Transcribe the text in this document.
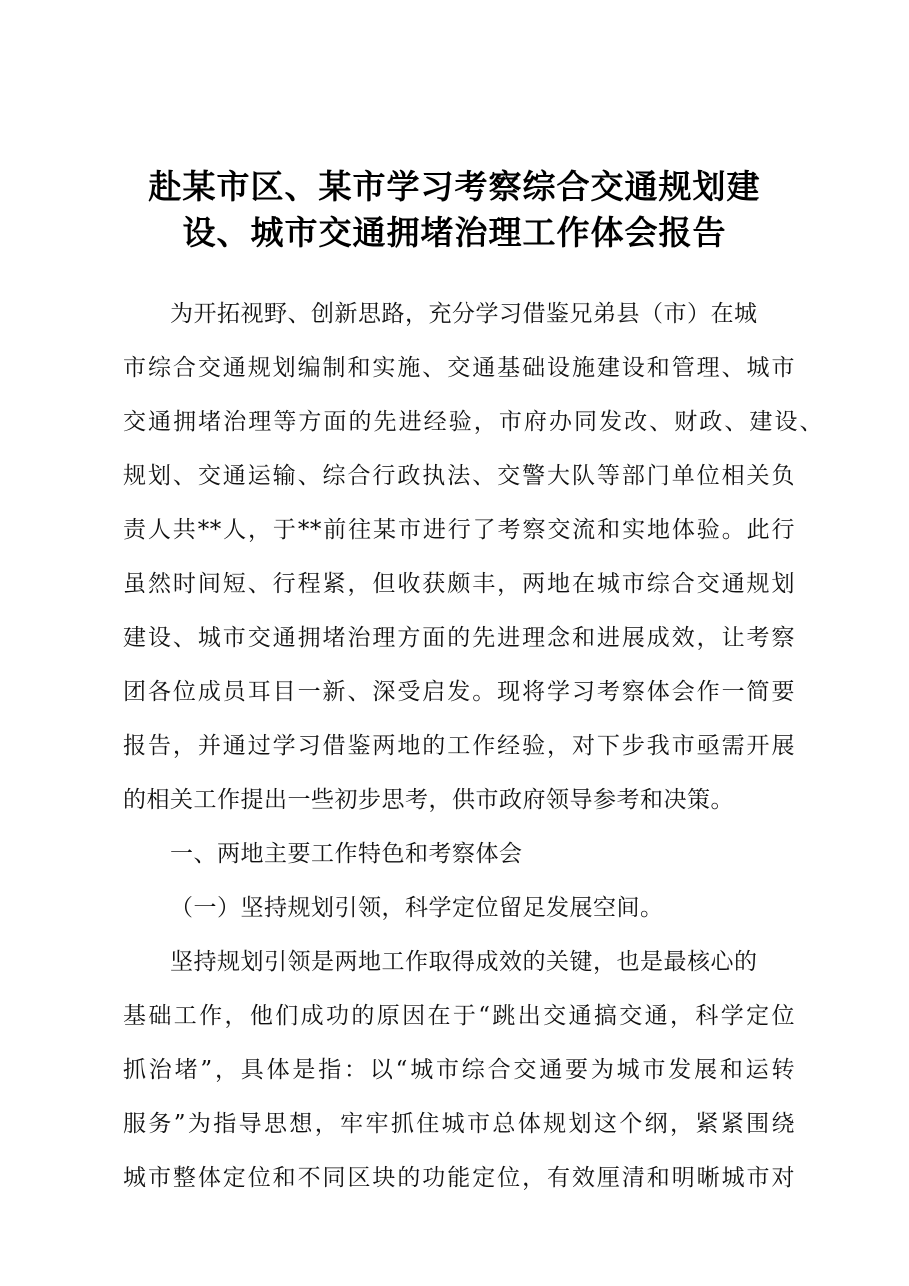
赴某市区、某市学习考察综合交通规划建
设、城市交通拥堵治理工作体会报告
为开拓视野、创新思路，充分学习借鉴兄弟县（市）在城
市综合交通规划编制和实施、交通基础设施建设和管理、城市
交通拥堵治理等方面的先进经验，市府办同发改、财政、建设、
规划、交通运输、综合行政执法、交警大队等部门单位相关负
责人共**人，于**前往某市进行了考察交流和实地体验。此行
虽然时间短、行程紧，但收获颇丰，两地在城市综合交通规划
建设、城市交通拥堵治理方面的先进理念和进展成效，让考察
团各位成员耳目一新、深受启发。现将学习考察体会作一简要
报告，并通过学习借鉴两地的工作经验，对下步我市亟需开展
的相关工作提出一些初步思考，供市政府领导参考和决策。
一、两地主要工作特色和考察体会
（一）坚持规划引领，科学定位留足发展空间。
坚持规划引领是两地工作取得成效的关键，也是最核心的
基础工作，他们成功的原因在于“跳出交通搞交通，科学定位
抓治堵”，具体是指：以“城市综合交通要为城市发展和运转
服务”为指导思想，牢牢抓住城市总体规划这个纲，紧紧围绕
城市整体定位和不同区块的功能定位，有效厘清和明晰城市对
